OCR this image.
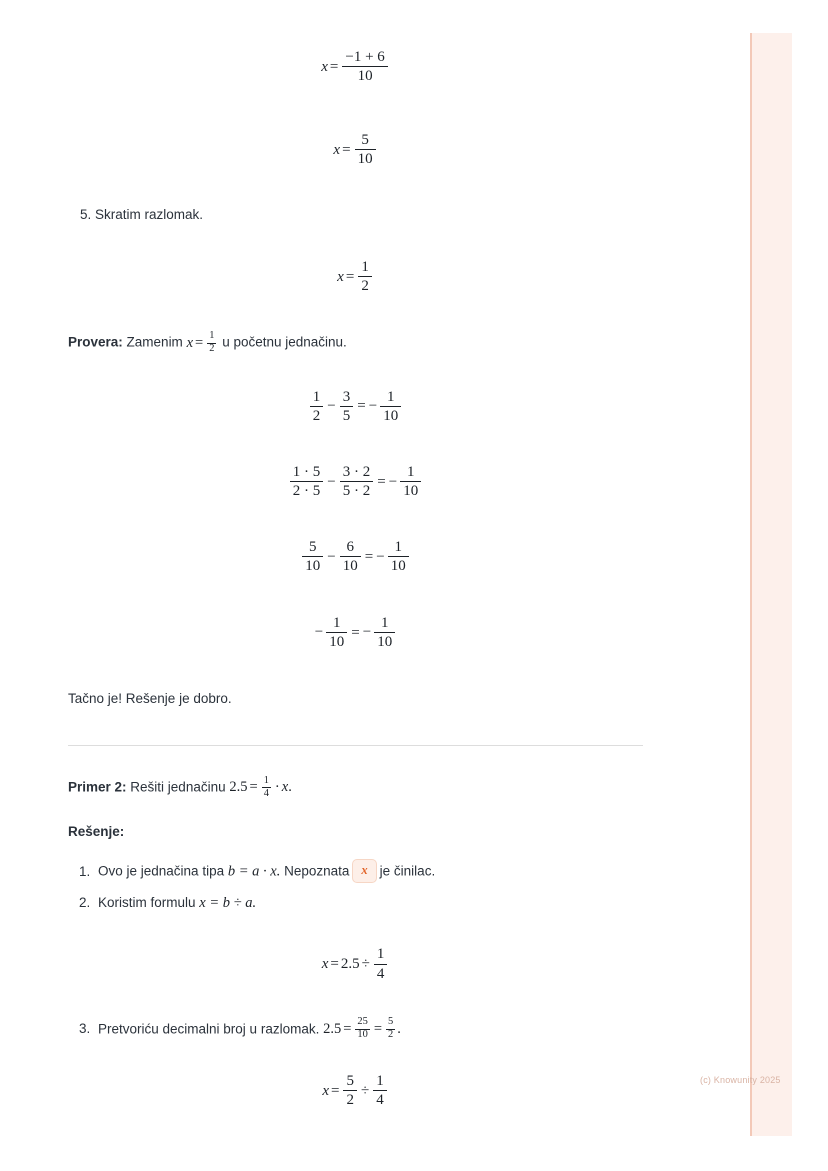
(c) Knowunity 2025
$x = \frac{-1 + 6}{10}$
$x = \frac{5}{10}$
5. Skratim razlomak.
$x = \frac{1}{2}$
Provera: Zamenim $x = \frac{1}{2}$ u početnu jednačinu.
$\frac{1}{2} - \frac{3}{5}$ = − $\frac{1}{10}$
$\frac{1 \cdot 5}{2 \cdot 5} - \frac{3 \cdot 2}{5 \cdot 2}$ = − $\frac{1}{10}$
$\frac{5}{10} - \frac{6}{10}$ = − $\frac{1}{10}$
− $\frac{1}{10}$ = − $\frac{1}{10}$
Tačno je! Rešenje je dobro.
Primer 2: Rešiti jednačinu $2.5 = \frac{1}{4} \cdot x$.
Rešenje:
1. Ovo je jednačina tipa b = a · x. Nepoznata x je činilac.
2. Koristim formulu x = b ÷ a.
$x = 2.5 \div \frac{1}{4}$
3. Pretvoriću decimalni broj u razlomak. $2.5 = \frac{25}{10} = \frac{5}{2}$ .
$x = \frac{5}{2} \div \frac{1}{4}$
